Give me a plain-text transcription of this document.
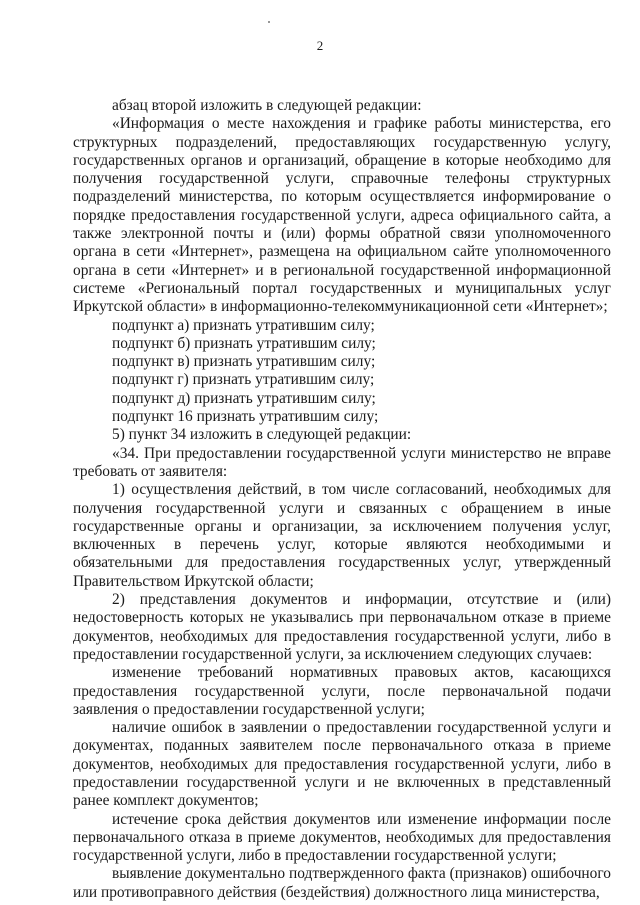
2

абзац второй изложить в следующей редакции:

«Информация о месте нахождения и графике работы министерства, его структурных подразделений, предоставляющих государственную услугу, государственных органов и организаций, обращение в которые необходимо для получения государственной услуги, справочные телефоны структурных подразделений министерства, по которым осуществляется информирование о порядке предоставления государственной услуги, адреса официального сайта, а также электронной почты и (или) формы обратной связи уполномоченного органа в сети «Интернет», размещена на официальном сайте уполномоченного органа в сети «Интернет» и в региональной государственной информационной системе «Региональный портал государственных и муниципальных услуг Иркутской области» в информационно-телекоммуникационной сети «Интернет»;

подпункт а) признать утратившим силу;

подпункт б) признать утратившим силу;

подпункт в) признать утратившим силу;

подпункт г) признать утратившим силу;

подпункт д) признать утратившим силу;

подпункт 16 признать утратившим силу;

5) пункт 34 изложить в следующей редакции:

«34. При предоставлении государственной услуги министерство не вправе требовать от заявителя:

1) осуществления действий, в том числе согласований, необходимых для получения государственной услуги и связанных с обращением в иные государственные органы и организации, за исключением получения услуг, включенных в перечень услуг, которые являются необходимыми и обязательными для предоставления государственных услуг, утвержденный Правительством Иркутской области;

2) представления документов и информации, отсутствие и (или) недостоверность которых не указывались при первоначальном отказе в приеме документов, необходимых для предоставления государственной услуги, либо в предоставлении государственной услуги, за исключением следующих случаев:

изменение требований нормативных правовых актов, касающихся предоставления государственной услуги, после первоначальной подачи заявления о предоставлении государственной услуги;

наличие ошибок в заявлении о предоставлении государственной услуги и документах, поданных заявителем после первоначального отказа в приеме документов, необходимых для предоставления государственной услуги, либо в предоставлении государственной услуги и не включенных в представленный ранее комплект документов;

истечение срока действия документов или изменение информации после первоначального отказа в приеме документов, необходимых для предоставления государственной услуги, либо в предоставлении государственной услуги;

выявление документально подтвержденного факта (признаков) ошибочного или противоправного действия (бездействия) должностного лица министерства,
